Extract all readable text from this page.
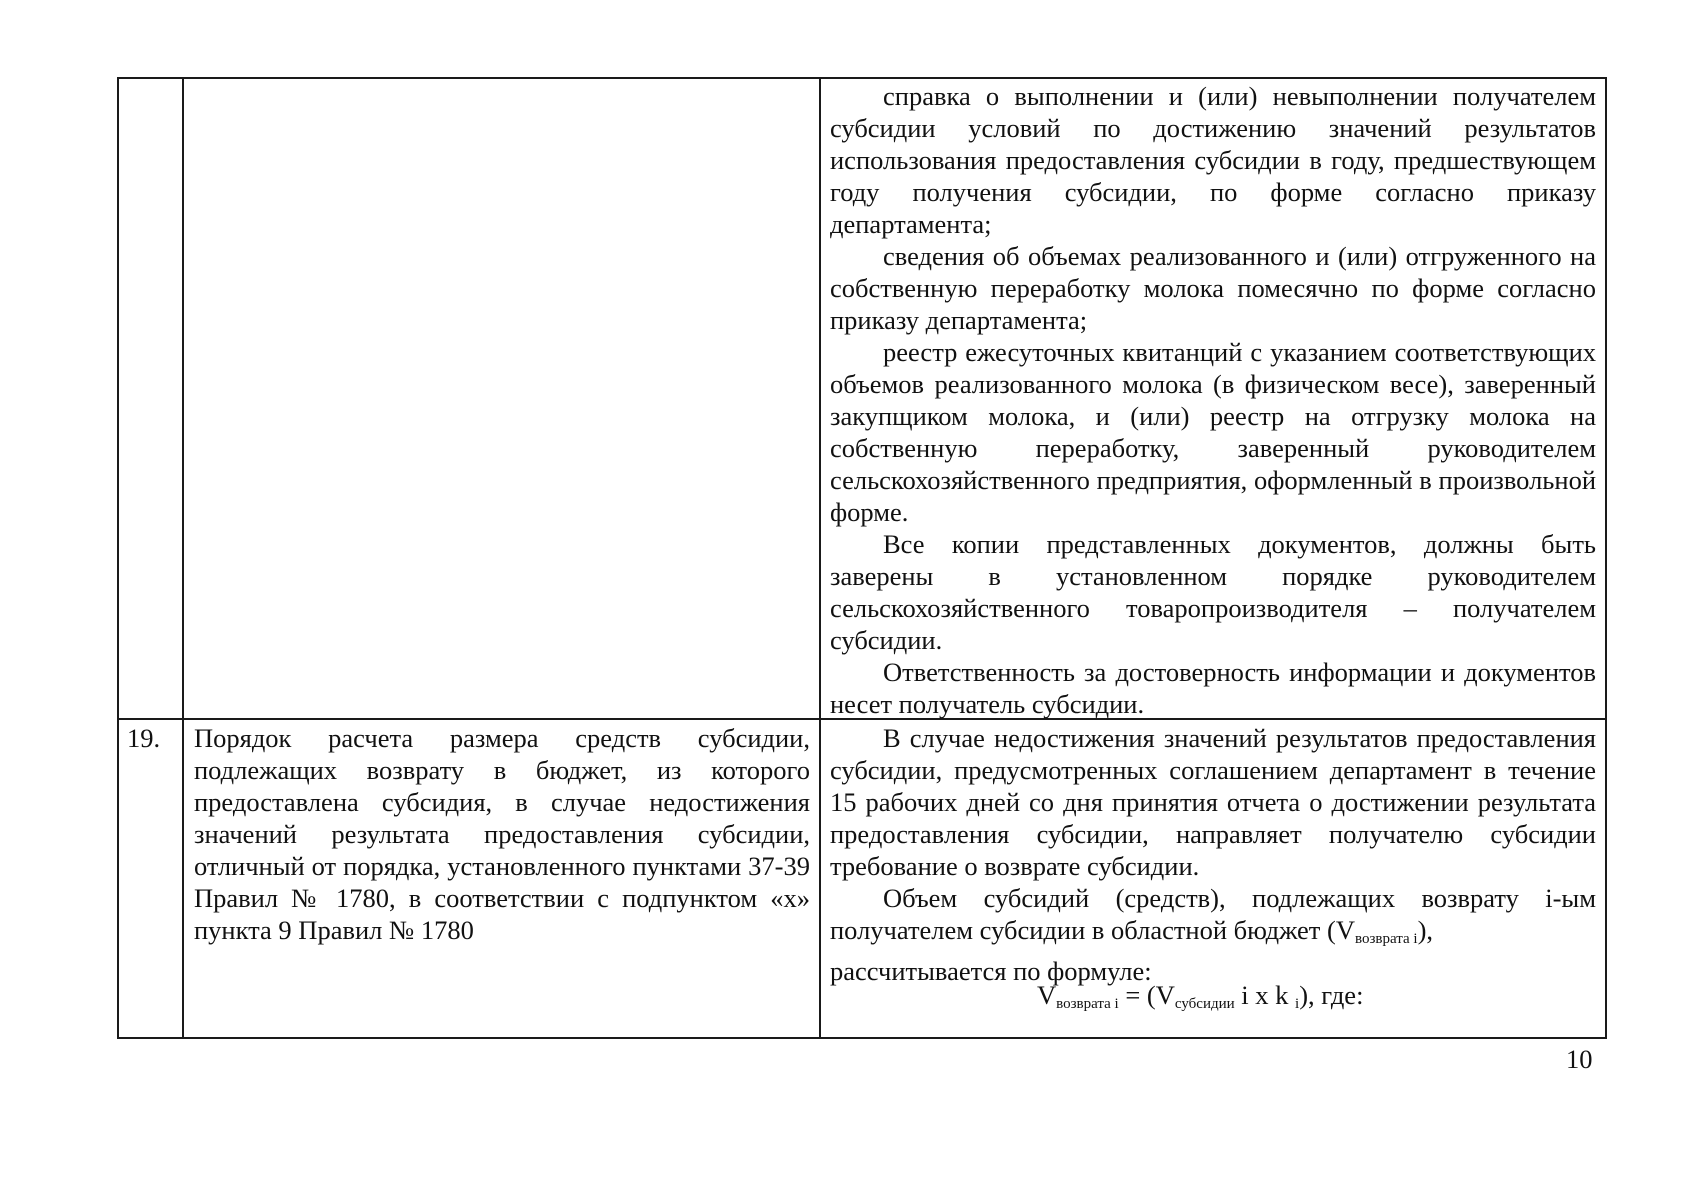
справка о выполнении и (или) невыполнении получателем субсидии условий по достижению значений результатов использования предоставления субсидии в году, предшествующем году получения субсидии, по форме согласно приказу департамента;

сведения об объемах реализованного и (или) отгруженного на собственную переработку молока помесячно по форме согласно приказу департамента;

реестр ежесуточных квитанций с указанием соответствующих объемов реализованного молока (в физическом весе), заверенный закупщиком молока, и (или) реестр на отгрузку молока на собственную переработку, заверенный руководителем сельскохозяйственного предприятия, оформленный в произвольной форме.

Все копии представленных документов, должны быть заверены в установленном порядке руководителем сельскохозяйственного товаропроизводителя – получателем субсидии.

Ответственность за достоверность информации и документов несет получатель субсидии.

19. Порядок расчета размера средств субсидии, подлежащих возврату в бюджет, из которого предоставлена субсидия, в случае недостижения значений результата предоставления субсидии, отличный от порядка, установленного пунктами 37-39 Правил № 1780, в соответствии с подпунктом «х» пункта 9 Правил № 1780

В случае недостижения значений результатов предоставления субсидии, предусмотренных соглашением департамент в течение 15 рабочих дней со дня принятия отчета о достижении результата предоставления субсидии, направляет получателю субсидии требование о возврате субсидии.

Объем субсидий (средств), подлежащих возврату i-ым получателем субсидии в областной бюджет (Vвозврата i),

рассчитывается по формуле:

$V_{возврата i} = (V_{субсидии}$ i x k $_i$), где:
10
